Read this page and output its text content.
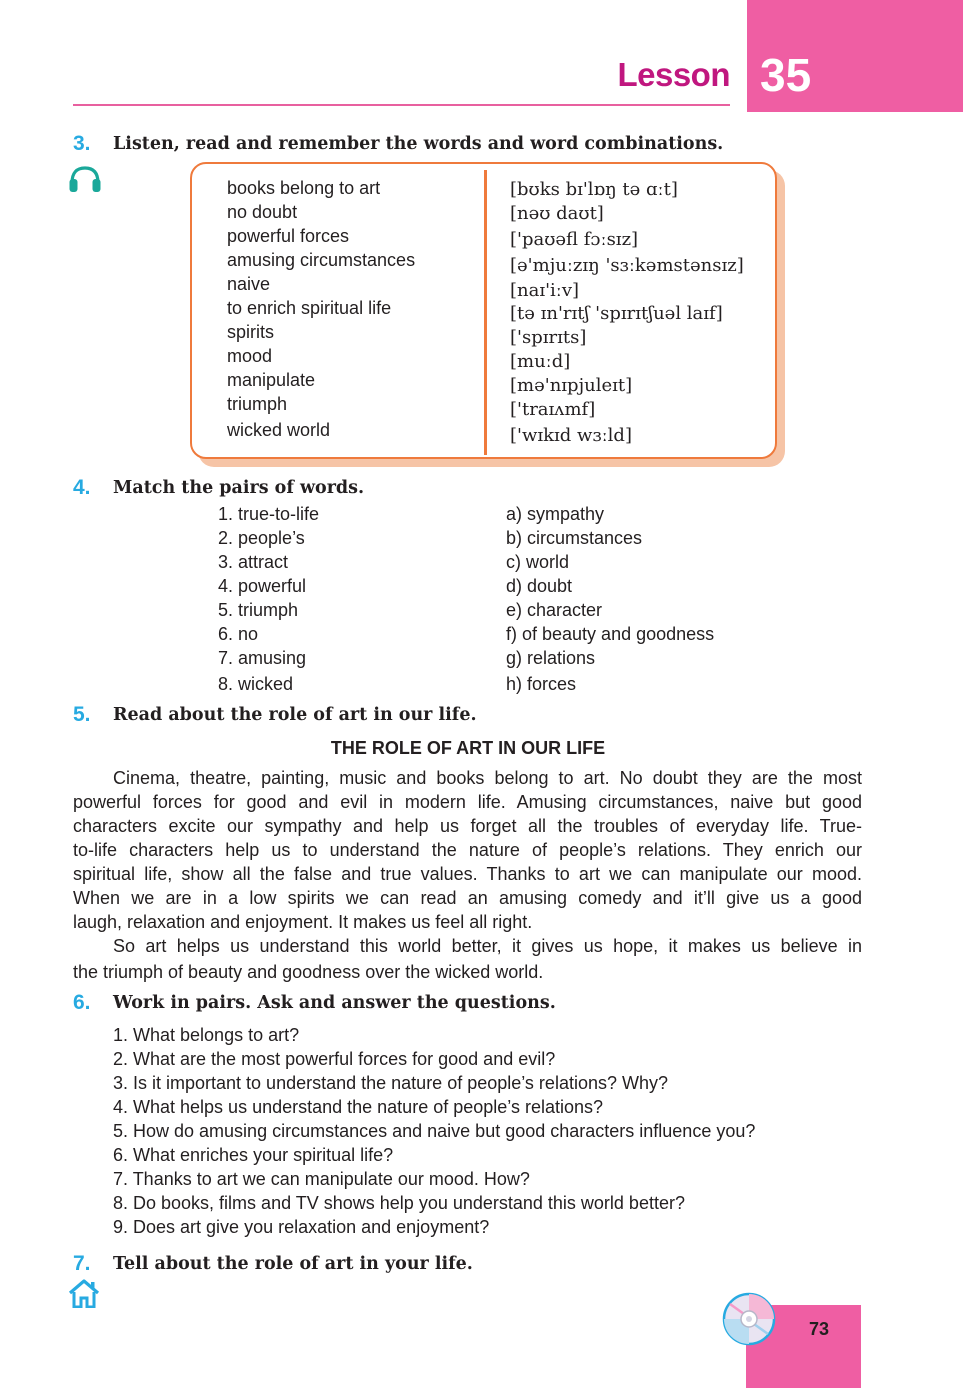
Lesson 35
3. Listen, read and remember the words and word combinations.
books belong to art
no doubt
powerful forces
amusing circumstances
naive
to enrich spiritual life
spirits
mood
manipulate
triumph
wicked world
[bʊks bɪ'lɒŋ tə ɑːt]
[nəʊ daʊt]
['paʊəfl fɔːsɪz]
[ə'mjuːzɪŋ 'sɜːkəmstənsɪz]
[naɪ'iːv]
[tə ɪn'rɪtʃ 'spɪrɪtʃuəl laɪf]
['spɪrɪts]
[muːd]
[mə'nɪpjuleɪt]
['traɪʌmf]
['wɪkɪd wɜːld]
4. Match the pairs of words.
1. true-to-life
2. people’s
3. attract
4. powerful
5. triumph
6. no
7. amusing
8. wicked
a) sympathy
b) circumstances
c) world
d) doubt
e) character
f) of beauty and goodness
g) relations
h) forces
5. Read about the role of art in our life.
THE ROLE OF ART IN OUR LIFE
Cinema, theatre, painting, music and books belong to art. No doubt they are the most
powerful forces for good and evil in modern life. Amusing circumstances, naive but good
characters excite our sympathy and help us forget all the troubles of everyday life. True-
to-life characters help us to understand the nature of people’s relations. They enrich our
spiritual life, show all the false and true values. Thanks to art we can manipulate our mood.
When we are in a low spirits we can read an amusing comedy and it’ll give us a good
laugh, relaxation and enjoyment. It makes us feel all right.
So art helps us understand this world better, it gives us hope, it makes us believe in
the triumph of beauty and goodness over the wicked world.
6. Work in pairs. Ask and answer the questions.
1. What belongs to art?
2. What are the most powerful forces for good and evil?
3. Is it important to understand the nature of people’s relations? Why?
4. What helps us understand the nature of people’s relations?
5. How do amusing circumstances and naive but good characters influence you?
6. What enriches your spiritual life?
7. Thanks to art we can manipulate our mood. How?
8. Do books, films and TV shows help you understand this world better?
9. Does art give you relaxation and enjoyment?
7. Tell about the role of art in your life.
73
